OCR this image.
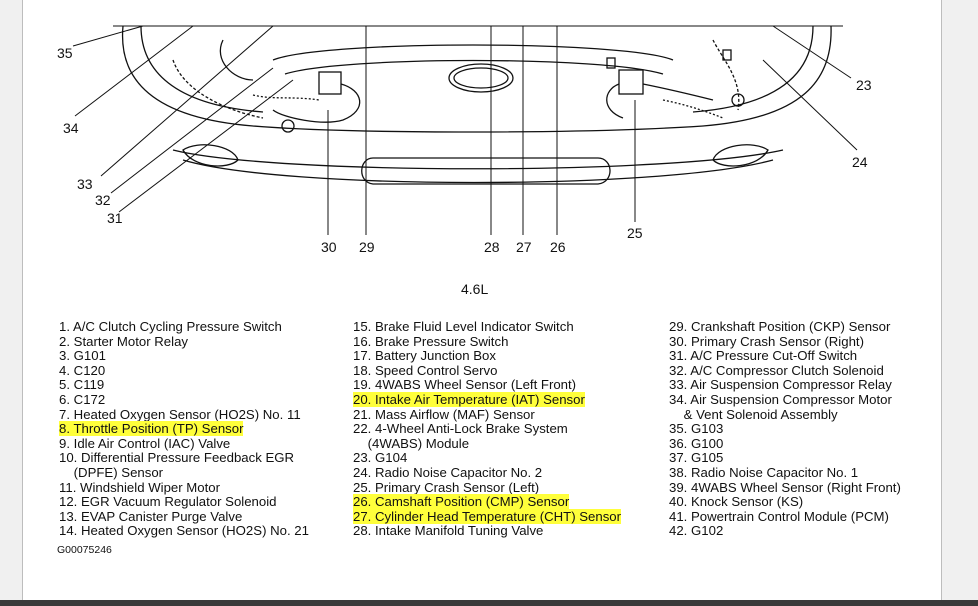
35
34
33
32
31
30 29	28 27 26
25
24
23
4.6L
1. A/C Clutch Cycling Pressure Switch
2. Starter Motor Relay
3. G101
4. C120
5. C119
6. C172
7. Heated Oxygen Sensor (HO2S) No. 11
8. Throttle Position (TP) Sensor
9. Idle Air Control (IAC) Valve
10. Differential Pressure Feedback EGR
(DPFE) Sensor
11. Windshield Wiper Motor
12. EGR Vacuum Regulator Solenoid
13. EVAP Canister Purge Valve
14. Heated Oxygen Sensor (HO2S) No. 21
15. Brake Fluid Level Indicator Switch
16. Brake Pressure Switch
17. Battery Junction Box
18. Speed Control Servo
19. 4WABS Wheel Sensor (Left Front)
20. Intake Air Temperature (IAT) Sensor
21. Mass Airflow (MAF) Sensor
22. 4-Wheel Anti-Lock Brake System
(4WABS) Module
23. G104
24. Radio Noise Capacitor No. 2
25. Primary Crash Sensor (Left)
26. Camshaft Position (CMP) Sensor
27. Cylinder Head Temperature (CHT) Sensor
28. Intake Manifold Tuning Valve
29. Crankshaft Position (CKP) Sensor
30. Primary Crash Sensor (Right)
31. A/C Pressure Cut-Off Switch
32. A/C Compressor Clutch Solenoid
33. Air Suspension Compressor Relay
34. Air Suspension Compressor Motor
& Vent Solenoid Assembly
35. G103
36. G100
37. G105
38. Radio Noise Capacitor No. 1
39. 4WABS Wheel Sensor (Right Front)
40. Knock Sensor (KS)
41. Powertrain Control Module (PCM)
42. G102
G00075246
